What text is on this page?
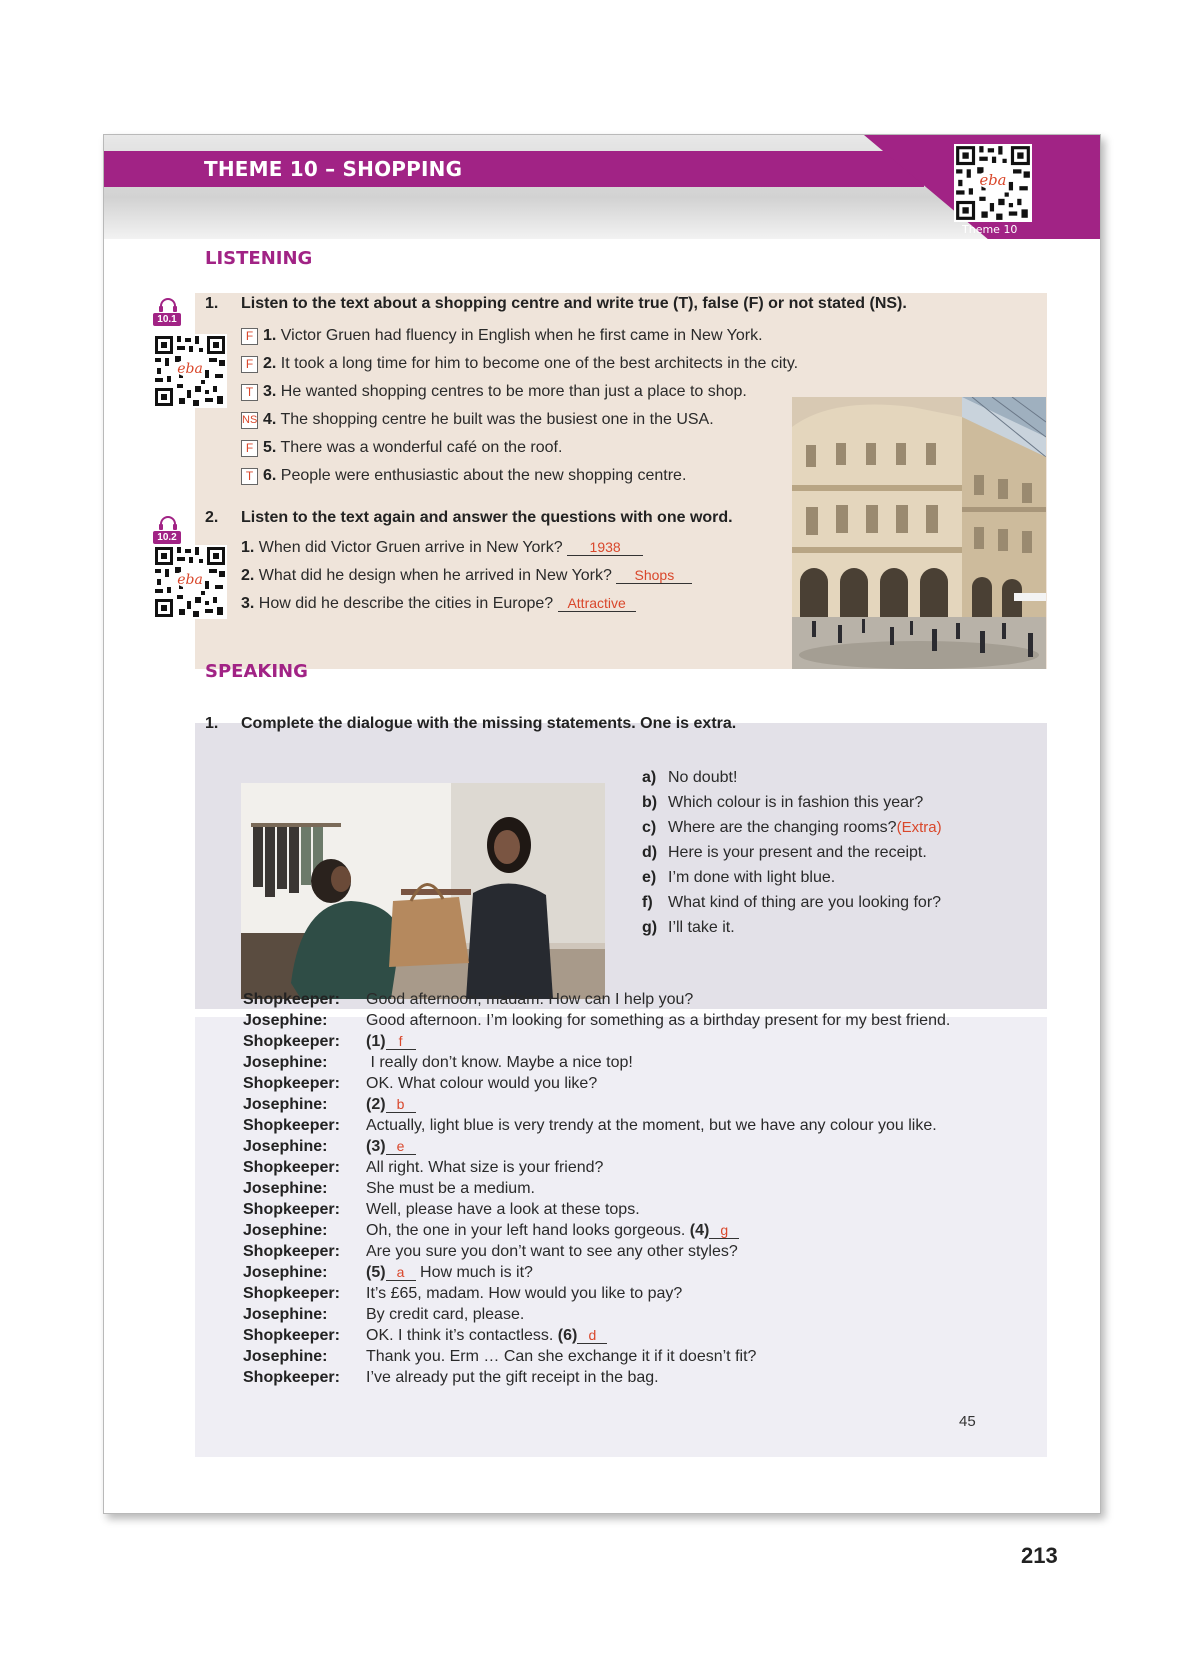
THEME 10 – SHOPPING	eba
Theme 10
LISTENING
10.1
eba
1. Listen to the text about a shopping centre and write true (T), false (F) or not stated (NS).
F 1. Victor Gruen had fluency in English when he first came in New York.
F 2. It took a long time for him to become one of the best architects in the city.
T 3. He wanted shopping centres to be more than just a place to shop.
NS 4. The shopping centre he built was the busiest one in the USA.
F 5. There was a wonderful café on the roof.
T 6. People were enthusiastic about the new shopping centre.
10.2
eba
2. Listen to the text again and answer the questions with one word.
1. When did Victor Gruen arrive in New York? 1938
2. What did he design when he arrived in New York? Shops
3. How did he describe the cities in Europe? Attractive
SPEAKING
1. Complete the dialogue with the missing statements. One is extra.
a) No doubt!
b) Which colour is in fashion this year?
c) Where are the changing rooms?(Extra)
d) Here is your present and the receipt.
e) I’m done with light blue.
f) What kind of thing are you looking for?
g) I’ll take it.
Shopkeeper: Good afternoon, madam. How can I help you?
Josephine: Good afternoon. I’m looking for something as a birthday present for my best friend.
Shopkeeper: (1) f
Josephine: I really don’t know. Maybe a nice top!
Shopkeeper: OK. What colour would you like?
Josephine: (2) b
Shopkeeper: Actually, light blue is very trendy at the moment, but we have any colour you like.
Josephine: (3) e
Shopkeeper: All right. What size is your friend?
Josephine: She must be a medium.
Shopkeeper: Well, please have a look at these tops.
Josephine: Oh, the one in your left hand looks gorgeous. (4) g
Shopkeeper: Are you sure you don’t want to see any other styles?
Josephine: (5) a How much is it?
Shopkeeper: It’s £65, madam. How would you like to pay?
Josephine: By credit card, please.
Shopkeeper: OK. I think it’s contactless. (6) d
Josephine: Thank you. Erm … Can she exchange it if it doesn’t fit?
Shopkeeper: I’ve already put the gift receipt in the bag.
45
213
